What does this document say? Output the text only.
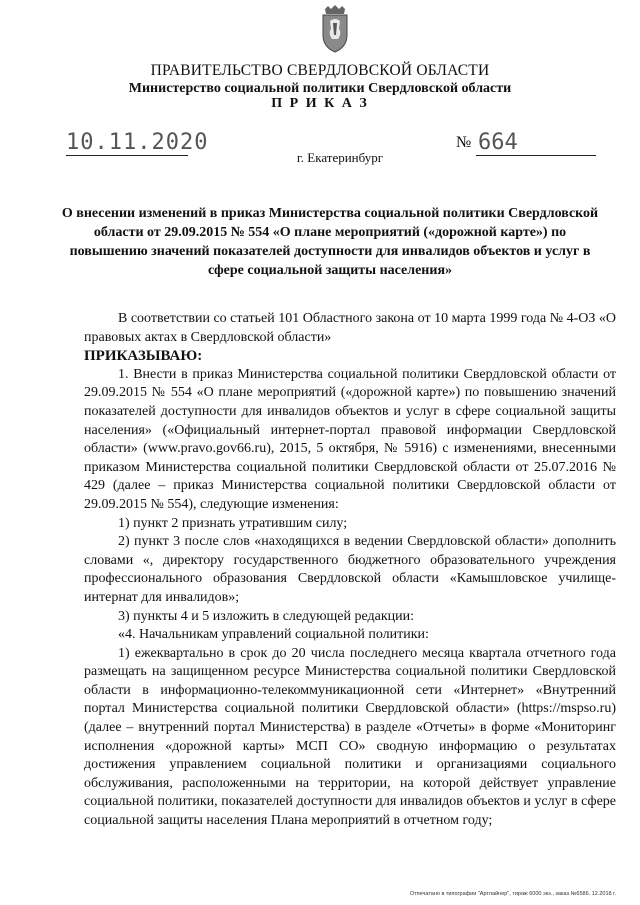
ПРАВИТЕЛЬСТВО СВЕРДЛОВСКОЙ ОБЛАСТИ
Министерство социальной политики Свердловской области
П Р И К А З
10.11.2020	№ 664
г. Екатеринбург
О внесении изменений в приказ Министерства социальной политики Свердловской области от 29.09.2015 № 554 «О плане мероприятий («дорожной карте») по повышению значений показателей доступности для инвалидов объектов и услуг в сфере социальной защиты населения»

В соответствии со статьей 101 Областного закона от 10 марта 1999 года № 4-ОЗ «О правовых актах в Свердловской области»

ПРИКАЗЫВАЮ:

1. Внести в приказ Министерства социальной политики Свердловской области от 29.09.2015 № 554 «О плане мероприятий («дорожной карте») по повышению значений показателей доступности для инвалидов объектов и услуг в сфере социальной защиты населения» («Официальный интернет-портал правовой информации Свердловской области» (www.pravo.gov66.ru), 2015, 5 октября, № 5916) с изменениями, внесенными приказом Министерства социальной политики Свердловской области от 25.07.2016 № 429 (далее – приказ Министерства социальной политики Свердловской области от 29.09.2015 № 554), следующие изменения:

1) пункт 2 признать утратившим силу;

2) пункт 3 после слов «находящихся в ведении Свердловской области» дополнить словами «, директору государственного бюджетного образовательного учреждения профессионального образования Свердловской области «Камышловское училище-интернат для инвалидов»;

3) пункты 4 и 5 изложить в следующей редакции:

«4. Начальникам управлений социальной политики:

1) ежеквартально в срок до 20 числа последнего месяца квартала отчетного года размещать на защищенном ресурсе Министерства социальной политики Свердловской области в информационно-телекоммуникационной сети «Интернет» «Внутренний портал Министерства социальной политики Свердловской области» (https://mspso.ru) (далее – внутренний портал Министерства) в разделе «Отчеты» в форме «Мониторинг исполнения «дорожной карты» МСП СО» сводную информацию о результатах достижения управлением социальной политики и организациями социального обслуживания, расположенными на территории, на которой действует управление социальной политики, показателей доступности для инвалидов объектов и услуг в сфере социальной защиты населения Плана мероприятий в отчетном году;

Отпечатано в типографии "Артлайнер", тираж 6000 экз., заказ №6586. 12.2018 г.
